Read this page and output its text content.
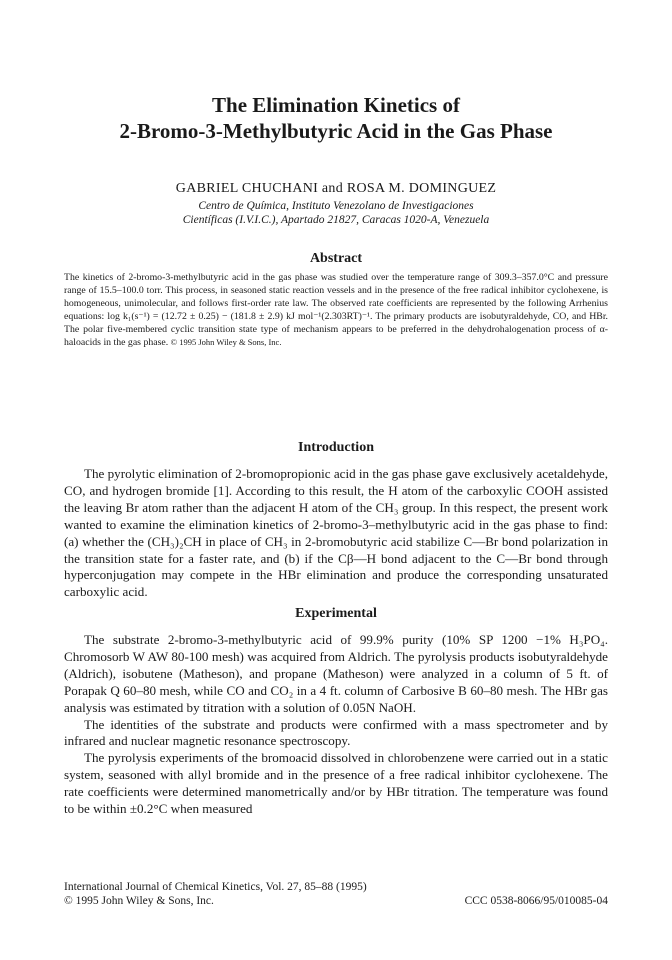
The Elimination Kinetics of
2-Bromo-3-Methylbutyric Acid in the Gas Phase
GABRIEL CHUCHANI and ROSA M. DOMINGUEZ
Centro de Química, Instituto Venezolano de Investigaciones
Científicas (I.V.I.C.), Apartado 21827, Caracas 1020-A, Venezuela
Abstract
The kinetics of 2-bromo-3-methylbutyric acid in the gas phase was studied over the temperature range of 309.3–357.0°C and pressure range of 15.5–100.0 torr. This process, in seasoned static reaction vessels and in the presence of the free radical inhibitor cyclohexene, is homogeneous, unimolecular, and follows first-order rate law. The observed rate coefficients are represented by the following Arrhenius equations: log k₁(s⁻¹) = (12.72 ± 0.25) − (181.8 ± 2.9) kJ mol⁻¹(2.303RT)⁻¹. The primary products are isobutyraldehyde, CO, and HBr. The polar five-membered cyclic transition state type of mechanism appears to be preferred in the dehydrohalogenation process of α-haloacids in the gas phase. © 1995 John Wiley & Sons, Inc.
Introduction

The pyrolytic elimination of 2-bromopropionic acid in the gas phase gave exclusively acetaldehyde, CO, and hydrogen bromide [1]. According to this result, the H atom of the carboxylic COOH assisted the leaving Br atom rather than the adjacent H atom of the CH₃ group. In this respect, the present work wanted to examine the elimination kinetics of 2-bromo-3–methylbutyric acid in the gas phase to find: (a) whether the (CH₃)₂CH in place of CH₃ in 2-bromobutyric acid stabilize C—Br bond polarization in the transition state for a faster rate, and (b) if the Cβ—H bond adjacent to the C—Br bond through hyperconjugation may compete in the HBr elimination and produce the corresponding unsaturated carboxylic acid.

Experimental

The substrate 2-bromo-3-methylbutyric acid of 99.9% purity (10% SP 1200 −1% H₃PO₄. Chromosorb W AW 80-100 mesh) was acquired from Aldrich. The pyrolysis products isobutyraldehyde (Aldrich), isobutene (Matheson), and propane (Matheson) were analyzed in a column of 5 ft. of Porapak Q 60–80 mesh, while CO and CO₂ in a 4 ft. column of Carbosive B 60–80 mesh. The HBr gas analysis was estimated by titration with a solution of 0.05N NaOH.

The identities of the substrate and products were confirmed with a mass spectrometer and by infrared and nuclear magnetic resonance spectroscopy.

The pyrolysis experiments of the bromoacid dissolved in chlorobenzene were carried out in a static system, seasoned with allyl bromide and in the presence of a free radical inhibitor cyclohexene. The rate coefficients were determined manometrically and/or by HBr titration. The temperature was found to be within ±0.2°C when measured

International Journal of Chemical Kinetics, Vol. 27, 85–88 (1995)
© 1995 John Wiley & Sons, Inc.	CCC 0538-8066/95/010085-04
